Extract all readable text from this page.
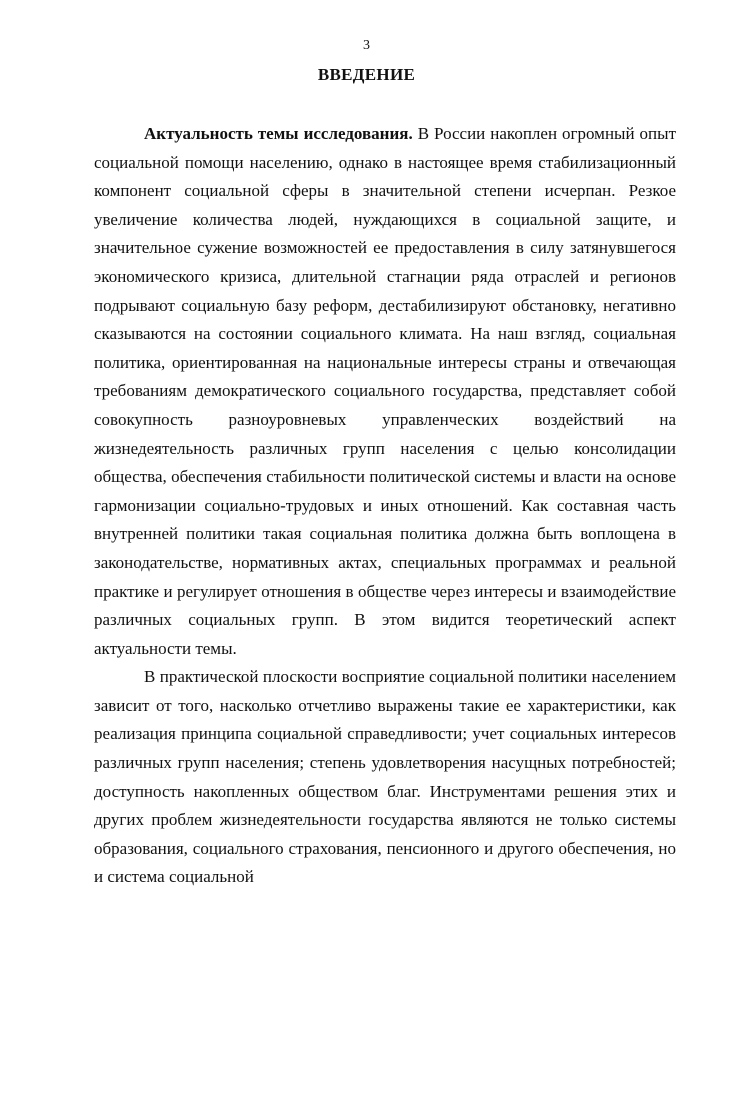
3
ВВЕДЕНИЕ

Актуальность темы исследования. В России накоплен огромный опыт социальной помощи населению, однако в настоящее время стабилизационный компонент социальной сферы в значительной степени исчерпан. Резкое увеличение количества людей, нуждающихся в социальной защите, и значительное сужение возможностей ее предоставления в силу затянувшегося экономического кризиса, длительной стагнации ряда отраслей и регионов подрывают социальную базу реформ, дестабилизируют обстановку, негативно сказываются на состоянии социального климата. На наш взгляд, социальная политика, ориентированная на национальные интересы страны и отвечающая требованиям демократического социального государства, представляет собой совокупность разноуровневых управленческих воздействий на жизнедеятельность различных групп населения с целью консолидации общества, обеспечения стабильности политической системы и власти на основе гармонизации социально-трудовых и иных отношений. Как составная часть внутренней политики такая социальная политика должна быть воплощена в законодательстве, нормативных актах, специальных программах и реальной практике и регулирует отношения в обществе через интересы и взаимодействие различных социальных групп. В этом видится теоретический аспект актуальности темы.

В практической плоскости восприятие социальной политики населением зависит от того, насколько отчетливо выражены такие ее характеристики, как реализация принципа социальной справедливости; учет социальных интересов различных групп населения; степень удовлетворения насущных потребностей; доступность накопленных обществом благ. Инструментами решения этих и других проблем жизнедеятельности государства являются не только системы образования, социального страхования, пенсионного и другого обеспечения, но и система социальной
